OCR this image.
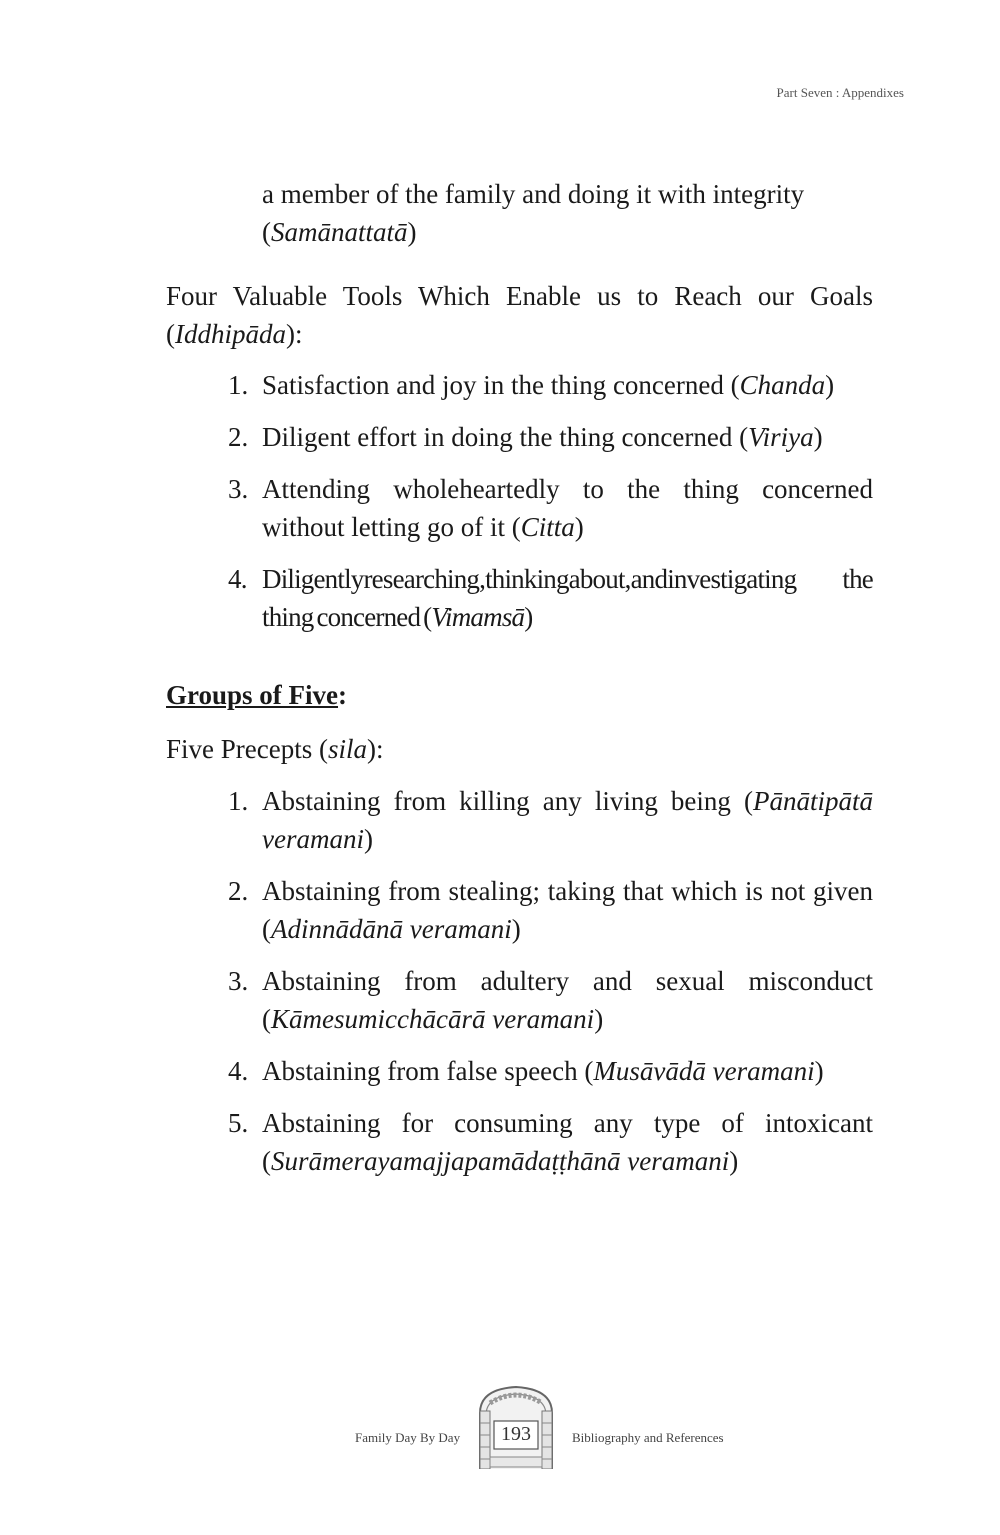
Part Seven : Appendixes

a member of the family and doing it with integrity
(Samānattatā)

Four Valuable Tools Which Enable us to Reach our Goals (Iddhipāda):

1. Satisfaction and joy in the thing concerned (Chanda)
2. Diligent effort in doing the thing concerned (Viriya)
3. Attending wholeheartedly to the thing concerned without letting go of it (Citta)
4. Diligentlyresearching,thinkingabout,andinvestigating the thing concerned (Vimamsā)
Groups of Five:

Five Precepts (sila):

1. Abstaining from killing any living being (Pānātipātā veramani)
2. Abstaining from stealing; taking that which is not given (Adinnādānā veramani)
3. Abstaining from adultery and sexual misconduct (Kāmesumicchācārā veramani)
4. Abstaining from false speech (Musāvādā veramani)
5. Abstaining for consuming any type of intoxicant (Surāmerayamajjapamādaṭṭhānā veramani)
Family Day By Day	193	Bibliography and References
